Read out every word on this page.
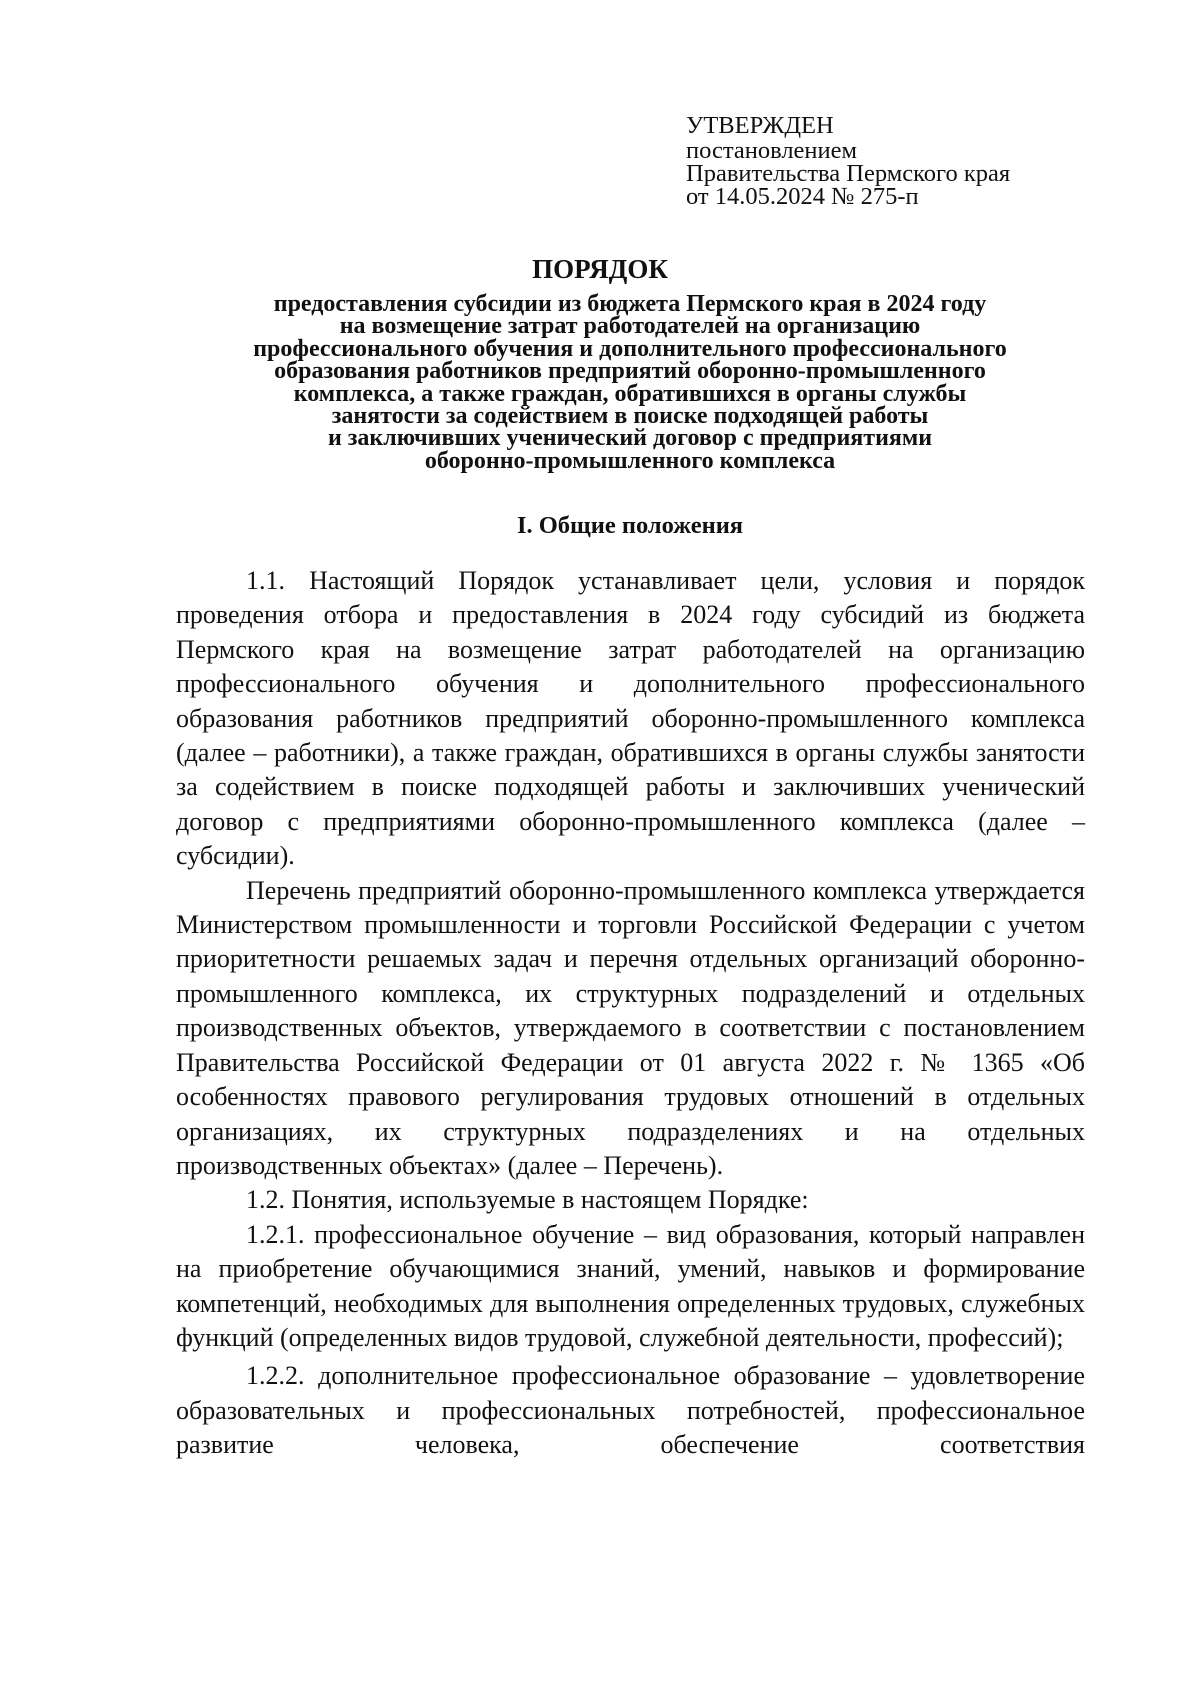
УТВЕРЖДЕН
постановлением
Правительства Пермского края
от 14.05.2024 № 275-п
ПОРЯДОК
предоставления субсидии из бюджета Пермского края в 2024 году
на возмещение затрат работодателей на организацию
профессионального обучения и дополнительного профессионального
образования работников предприятий оборонно-промышленного
комплекса, а также граждан, обратившихся в органы службы
занятости за содействием в поиске подходящей работы
и заключивших ученический договор с предприятиями
оборонно-промышленного комплекса
I. Общие положения

1.1. Настоящий Порядок устанавливает цели, условия и порядок проведения отбора и предоставления в 2024 году субсидий из бюджета Пермского края на возмещение затрат работодателей на организацию профессионального обучения и дополнительного профессионального образования работников предприятий оборонно-промышленного комплекса (далее – работники), а также граждан, обратившихся в органы службы занятости за содействием в поиске подходящей работы и заключивших ученический договор с предприятиями оборонно-промышленного комплекса (далее – субсидии).

Перечень предприятий оборонно-промышленного комплекса утверждается Министерством промышленности и торговли Российской Федерации с учетом приоритетности решаемых задач и перечня отдельных организаций оборонно-промышленного комплекса, их структурных подразделений и отдельных производственных объектов, утверждаемого в соответствии с постановлением Правительства Российской Федерации от 01 августа 2022 г. № 1365 «Об особенностях правового регулирования трудовых отношений в отдельных организациях, их структурных подразделениях и на отдельных производственных объектах» (далее – Перечень).

1.2. Понятия, используемые в настоящем Порядке:

1.2.1. профессиональное обучение – вид образования, который направлен на приобретение обучающимися знаний, умений, навыков и формирование компетенций, необходимых для выполнения определенных трудовых, служебных функций (определенных видов трудовой, служебной деятельности, профессий);

1.2.2. дополнительное профессиональное образование – удовлетворение образовательных и профессиональных потребностей, профессиональное развитие человека, обеспечение соответствия
